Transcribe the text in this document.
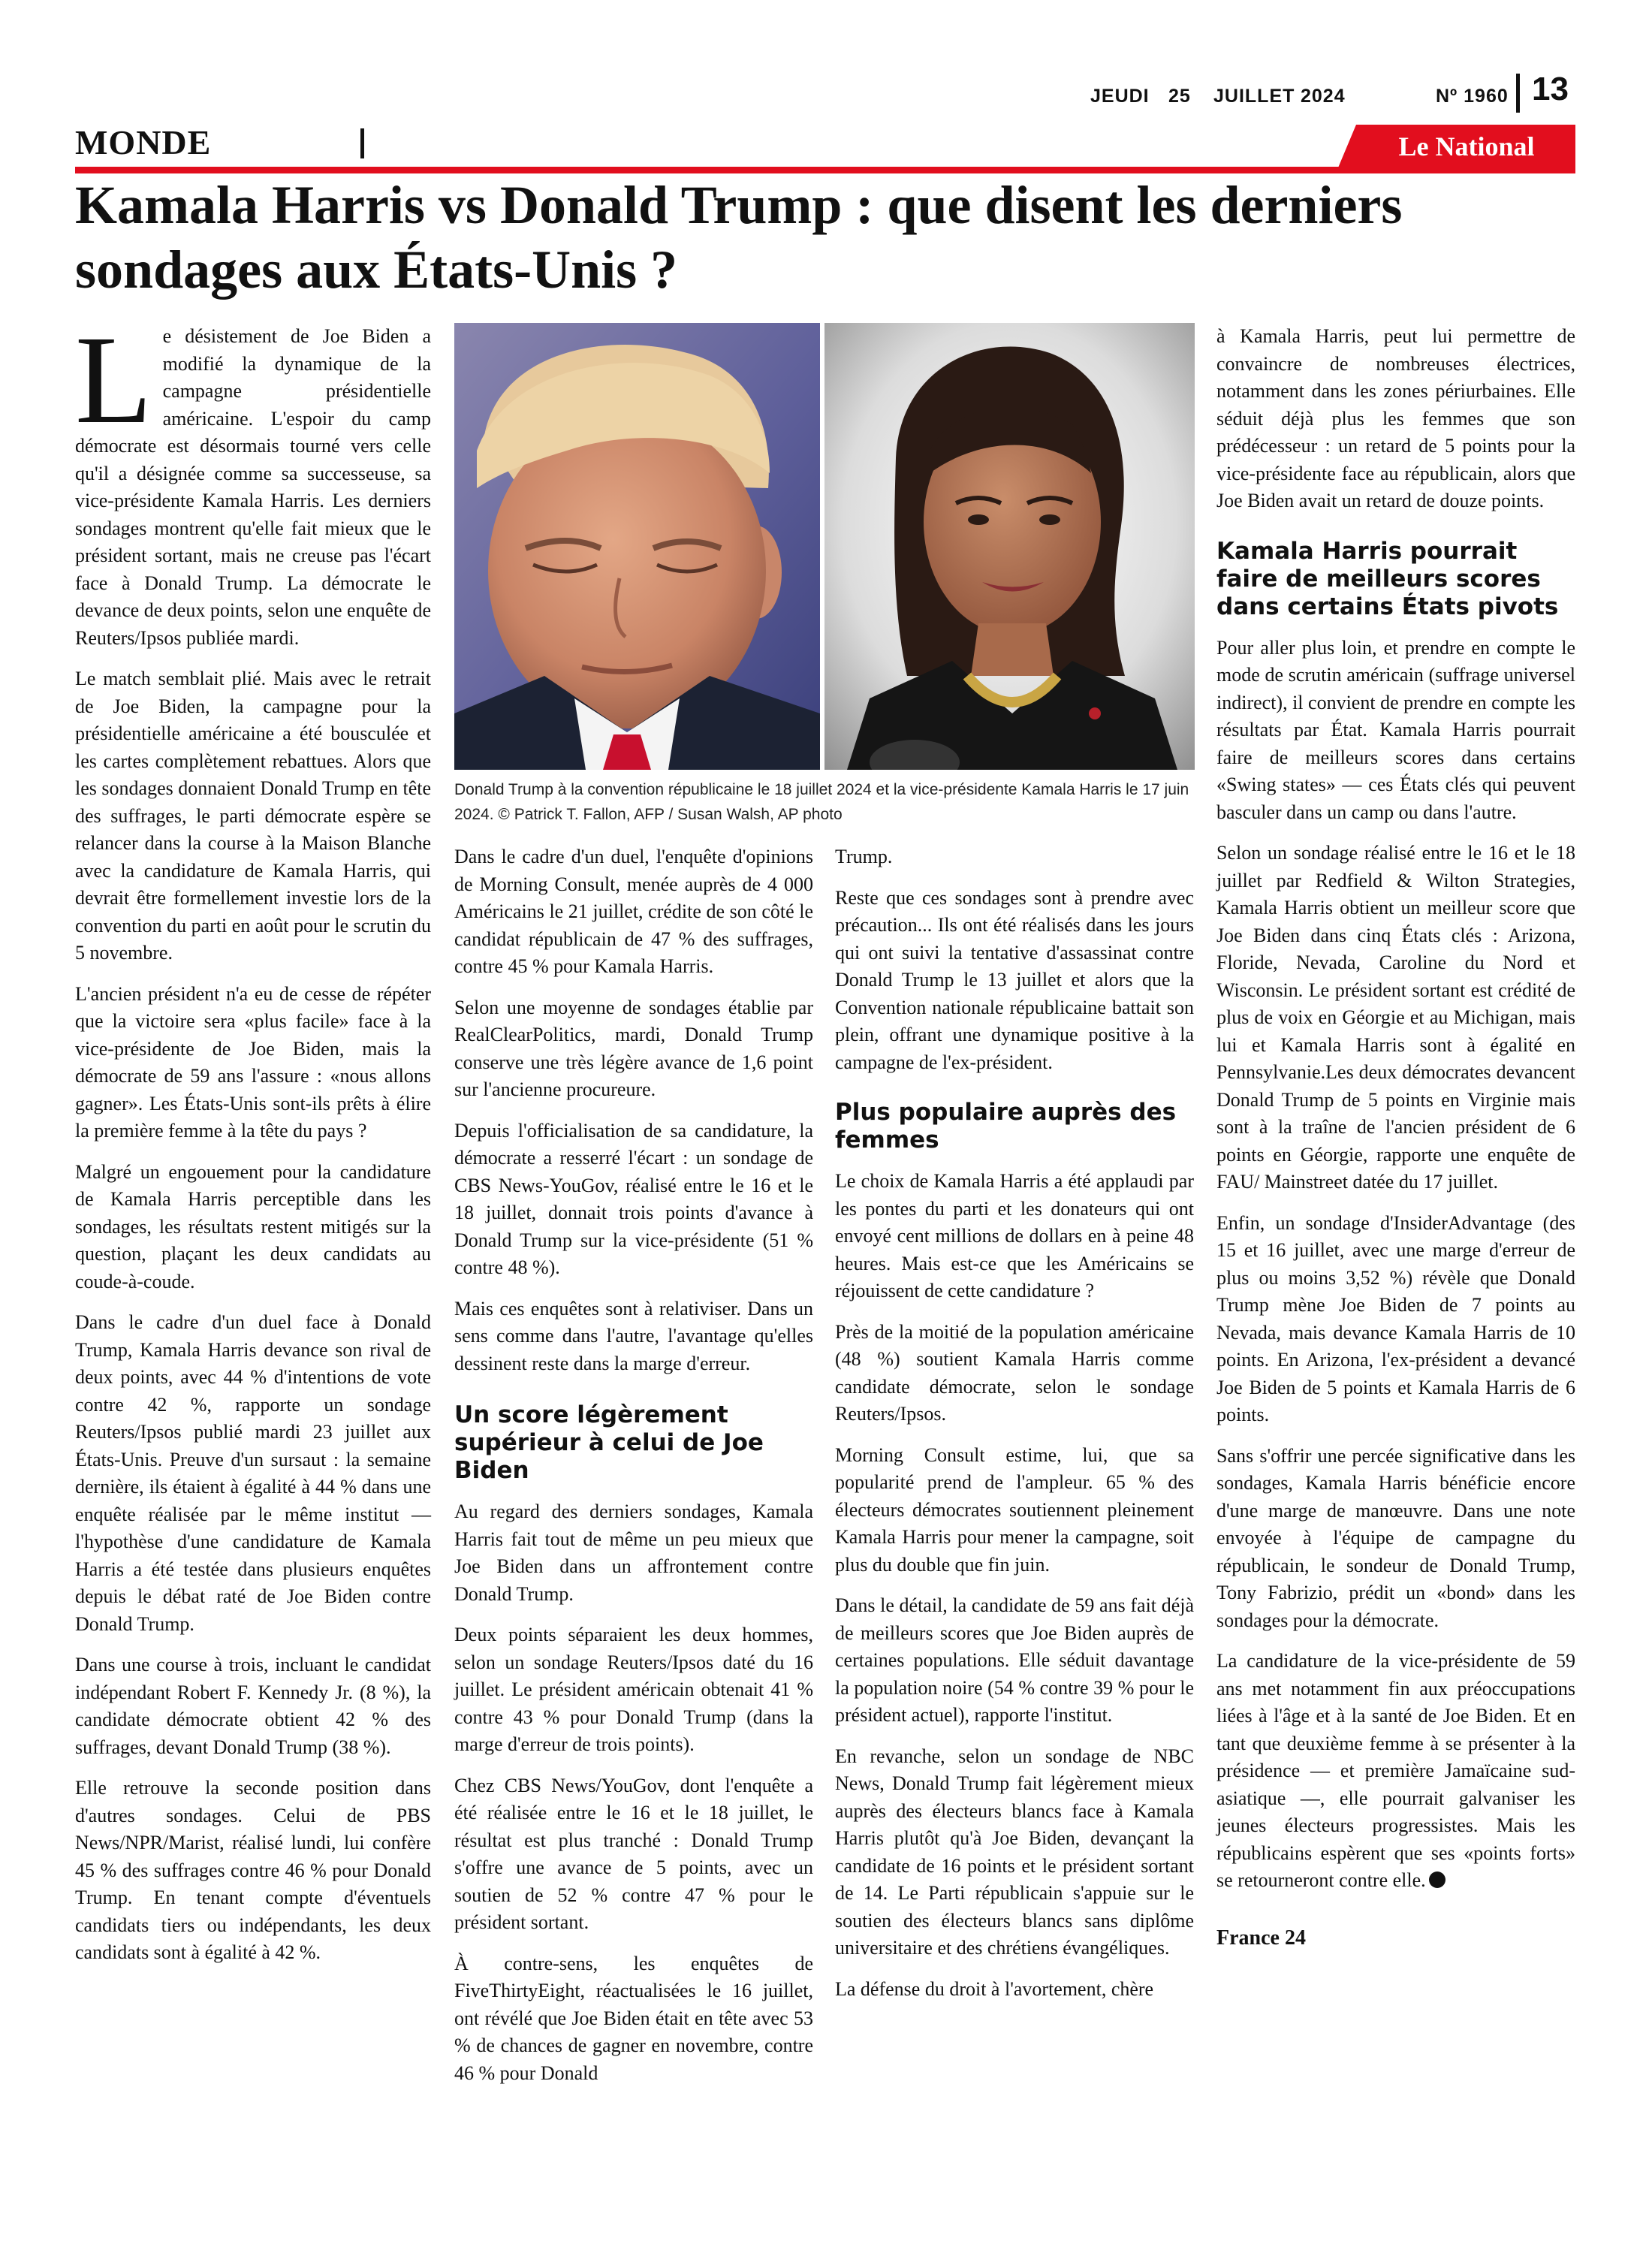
JEUDI 25 JUILLET 2024	Nº 1960 13
MONDE	Le National
Kamala Harris vs Donald Trump : que disent les derniers sondages aux États-Unis ?
Donald Trump à la convention républicaine le 18 juillet 2024 et la vice-présidente Kamala Harris le 17 juin 2024. © Patrick T. Fallon, AFP / Susan Walsh, AP photo

Le désistement de Joe Biden a modifié la dynamique de la campagne présidentielle américaine. L'espoir du camp démocrate est désormais tourné vers celle qu'il a désignée comme sa successeuse, sa vice-présidente Kamala Harris. Les derniers sondages montrent qu'elle fait mieux que le président sortant, mais ne creuse pas l'écart face à Donald Trump. La démocrate le devance de deux points, selon une enquête de Reuters/Ipsos publiée mardi.

Le match semblait plié. Mais avec le retrait de Joe Biden, la campagne pour la présidentielle américaine a été bousculée et les cartes complètement rebattues. Alors que les sondages donnaient Donald Trump en tête des suffrages, le parti démocrate espère se relancer dans la course à la Maison Blanche avec la candidature de Kamala Harris, qui devrait être formellement investie lors de la convention du parti en août pour le scrutin du 5 novembre.

L'ancien président n'a eu de cesse de répéter que la victoire sera «plus facile» face à la vice-présidente de Joe Biden, mais la démocrate de 59 ans l'assure : «nous allons gagner». Les États-Unis sont-ils prêts à élire la première femme à la tête du pays ?

Malgré un engouement pour la candidature de Kamala Harris perceptible dans les sondages, les résultats restent mitigés sur la question, plaçant les deux candidats au coude-à-coude.

Dans le cadre d'un duel face à Donald Trump, Kamala Harris devance son rival de deux points, avec 44 % d'intentions de vote contre 42 %, rapporte un sondage Reuters/Ipsos publié mardi 23 juillet aux États-Unis. Preuve d'un sursaut : la semaine dernière, ils étaient à égalité à 44 % dans une enquête réalisée par le même institut — l'hypothèse d'une candidature de Kamala Harris a été testée dans plusieurs enquêtes depuis le débat raté de Joe Biden contre Donald Trump.

Dans une course à trois, incluant le candidat indépendant Robert F. Kennedy Jr. (8 %), la candidate démocrate obtient 42 % des suffrages, devant Donald Trump (38 %).

Elle retrouve la seconde position dans d'autres sondages. Celui de PBS News/NPR/Marist, réalisé lundi, lui confère 45 % des suffrages contre 46 % pour Donald Trump. En tenant compte d'éventuels candidats tiers ou indépendants, les deux candidats sont à égalité à 42 %.

Dans le cadre d'un duel, l'enquête d'opinions de Morning Consult, menée auprès de 4 000 Américains le 21 juillet, crédite de son côté le candidat républicain de 47 % des suffrages, contre 45 % pour Kamala Harris.

Selon une moyenne de sondages établie par RealClearPolitics, mardi, Donald Trump conserve une très légère avance de 1,6 point sur l'ancienne procureure.

Depuis l'officialisation de sa candidature, la démocrate a resserré l'écart : un sondage de CBS News-YouGov, réalisé entre le 16 et le 18 juillet, donnait trois points d'avance à Donald Trump sur la vice-présidente (51 % contre 48 %).

Mais ces enquêtes sont à relativiser. Dans un sens comme dans l'autre, l'avantage qu'elles dessinent reste dans la marge d'erreur.

Un score légèrement supérieur à celui de Joe Biden

Au regard des derniers sondages, Kamala Harris fait tout de même un peu mieux que Joe Biden dans un affrontement contre Donald Trump.

Deux points séparaient les deux hommes, selon un sondage Reuters/Ipsos daté du 16 juillet. Le président américain obtenait 41 % contre 43 % pour Donald Trump (dans la marge d'erreur de trois points).

Chez CBS News/YouGov, dont l'enquête a été réalisée entre le 16 et le 18 juillet, le résultat est plus tranché : Donald Trump s'offre une avance de 5 points, avec un soutien de 52 % contre 47 % pour le président sortant.

À contre-sens, les enquêtes de FiveThirtyEight, réactualisées le 16 juillet, ont révélé que Joe Biden était en tête avec 53 % de chances de gagner en novembre, contre 46 % pour Donald

Trump.

Reste que ces sondages sont à prendre avec précaution... Ils ont été réalisés dans les jours qui ont suivi la tentative d'assassinat contre Donald Trump le 13 juillet et alors que la Convention nationale républicaine battait son plein, offrant une dynamique positive à la campagne de l'ex-président.

Plus populaire auprès des femmes

Le choix de Kamala Harris a été applaudi par les pontes du parti et les donateurs qui ont envoyé cent millions de dollars en à peine 48 heures. Mais est-ce que les Américains se réjouissent de cette candidature ?

Près de la moitié de la population américaine (48 %) soutient Kamala Harris comme candidate démocrate, selon le sondage Reuters/Ipsos.

Morning Consult estime, lui, que sa popularité prend de l'ampleur. 65 % des électeurs démocrates soutiennent pleinement Kamala Harris pour mener la campagne, soit plus du double que fin juin.

Dans le détail, la candidate de 59 ans fait déjà de meilleurs scores que Joe Biden auprès de certaines populations. Elle séduit davantage la population noire (54 % contre 39 % pour le président actuel), rapporte l'institut.

En revanche, selon un sondage de NBC News, Donald Trump fait légèrement mieux auprès des électeurs blancs face à Kamala Harris plutôt qu'à Joe Biden, devançant la candidate de 16 points et le président sortant de 14. Le Parti républicain s'appuie sur le soutien des électeurs blancs sans diplôme universitaire et des chrétiens évangéliques.

La défense du droit à l'avortement, chère

à Kamala Harris, peut lui permettre de convaincre de nombreuses électrices, notamment dans les zones périurbaines. Elle séduit déjà plus les femmes que son prédécesseur : un retard de 5 points pour la vice-présidente face au républicain, alors que Joe Biden avait un retard de douze points.

Kamala Harris pourrait faire de meilleurs scores dans certains États pivots

Pour aller plus loin, et prendre en compte le mode de scrutin américain (suffrage universel indirect), il convient de prendre en compte les résultats par État. Kamala Harris pourrait faire de meilleurs scores dans certains «Swing states» — ces États clés qui peuvent basculer dans un camp ou dans l'autre.

Selon un sondage réalisé entre le 16 et le 18 juillet par Redfield & Wilton Strategies, Kamala Harris obtient un meilleur score que Joe Biden dans cinq États clés : Arizona, Floride, Nevada, Caroline du Nord et Wisconsin. Le président sortant est crédité de plus de voix en Géorgie et au Michigan, mais lui et Kamala Harris sont à égalité en Pennsylvanie.Les deux démocrates devancent Donald Trump de 5 points en Virginie mais sont à la traîne de l'ancien président de 6 points en Géorgie, rapporte une enquête de FAU/ Mainstreet datée du 17 juillet.

Enfin, un sondage d'InsiderAdvantage (des 15 et 16 juillet, avec une marge d'erreur de plus ou moins 3,52 %) révèle que Donald Trump mène Joe Biden de 7 points au Nevada, mais devance Kamala Harris de 10 points. En Arizona, l'ex-président a devancé Joe Biden de 5 points et Kamala Harris de 6 points.

Sans s'offrir une percée significative dans les sondages, Kamala Harris bénéficie encore d'une marge de manœuvre. Dans une note envoyée à l'équipe de campagne du républicain, le sondeur de Donald Trump, Tony Fabrizio, prédit un «bond» dans les sondages pour la démocrate.

La candidature de la vice-présidente de 59 ans met notamment fin aux préoccupations liées à l'âge et à la santé de Joe Biden. Et en tant que deuxième femme à se présenter à la présidence — et première Jamaïcaine sud-asiatique —, elle pourrait galvaniser les jeunes électeurs progressistes. Mais les républicains espèrent que ses «points forts» se retourneront contre elle.

France 24
